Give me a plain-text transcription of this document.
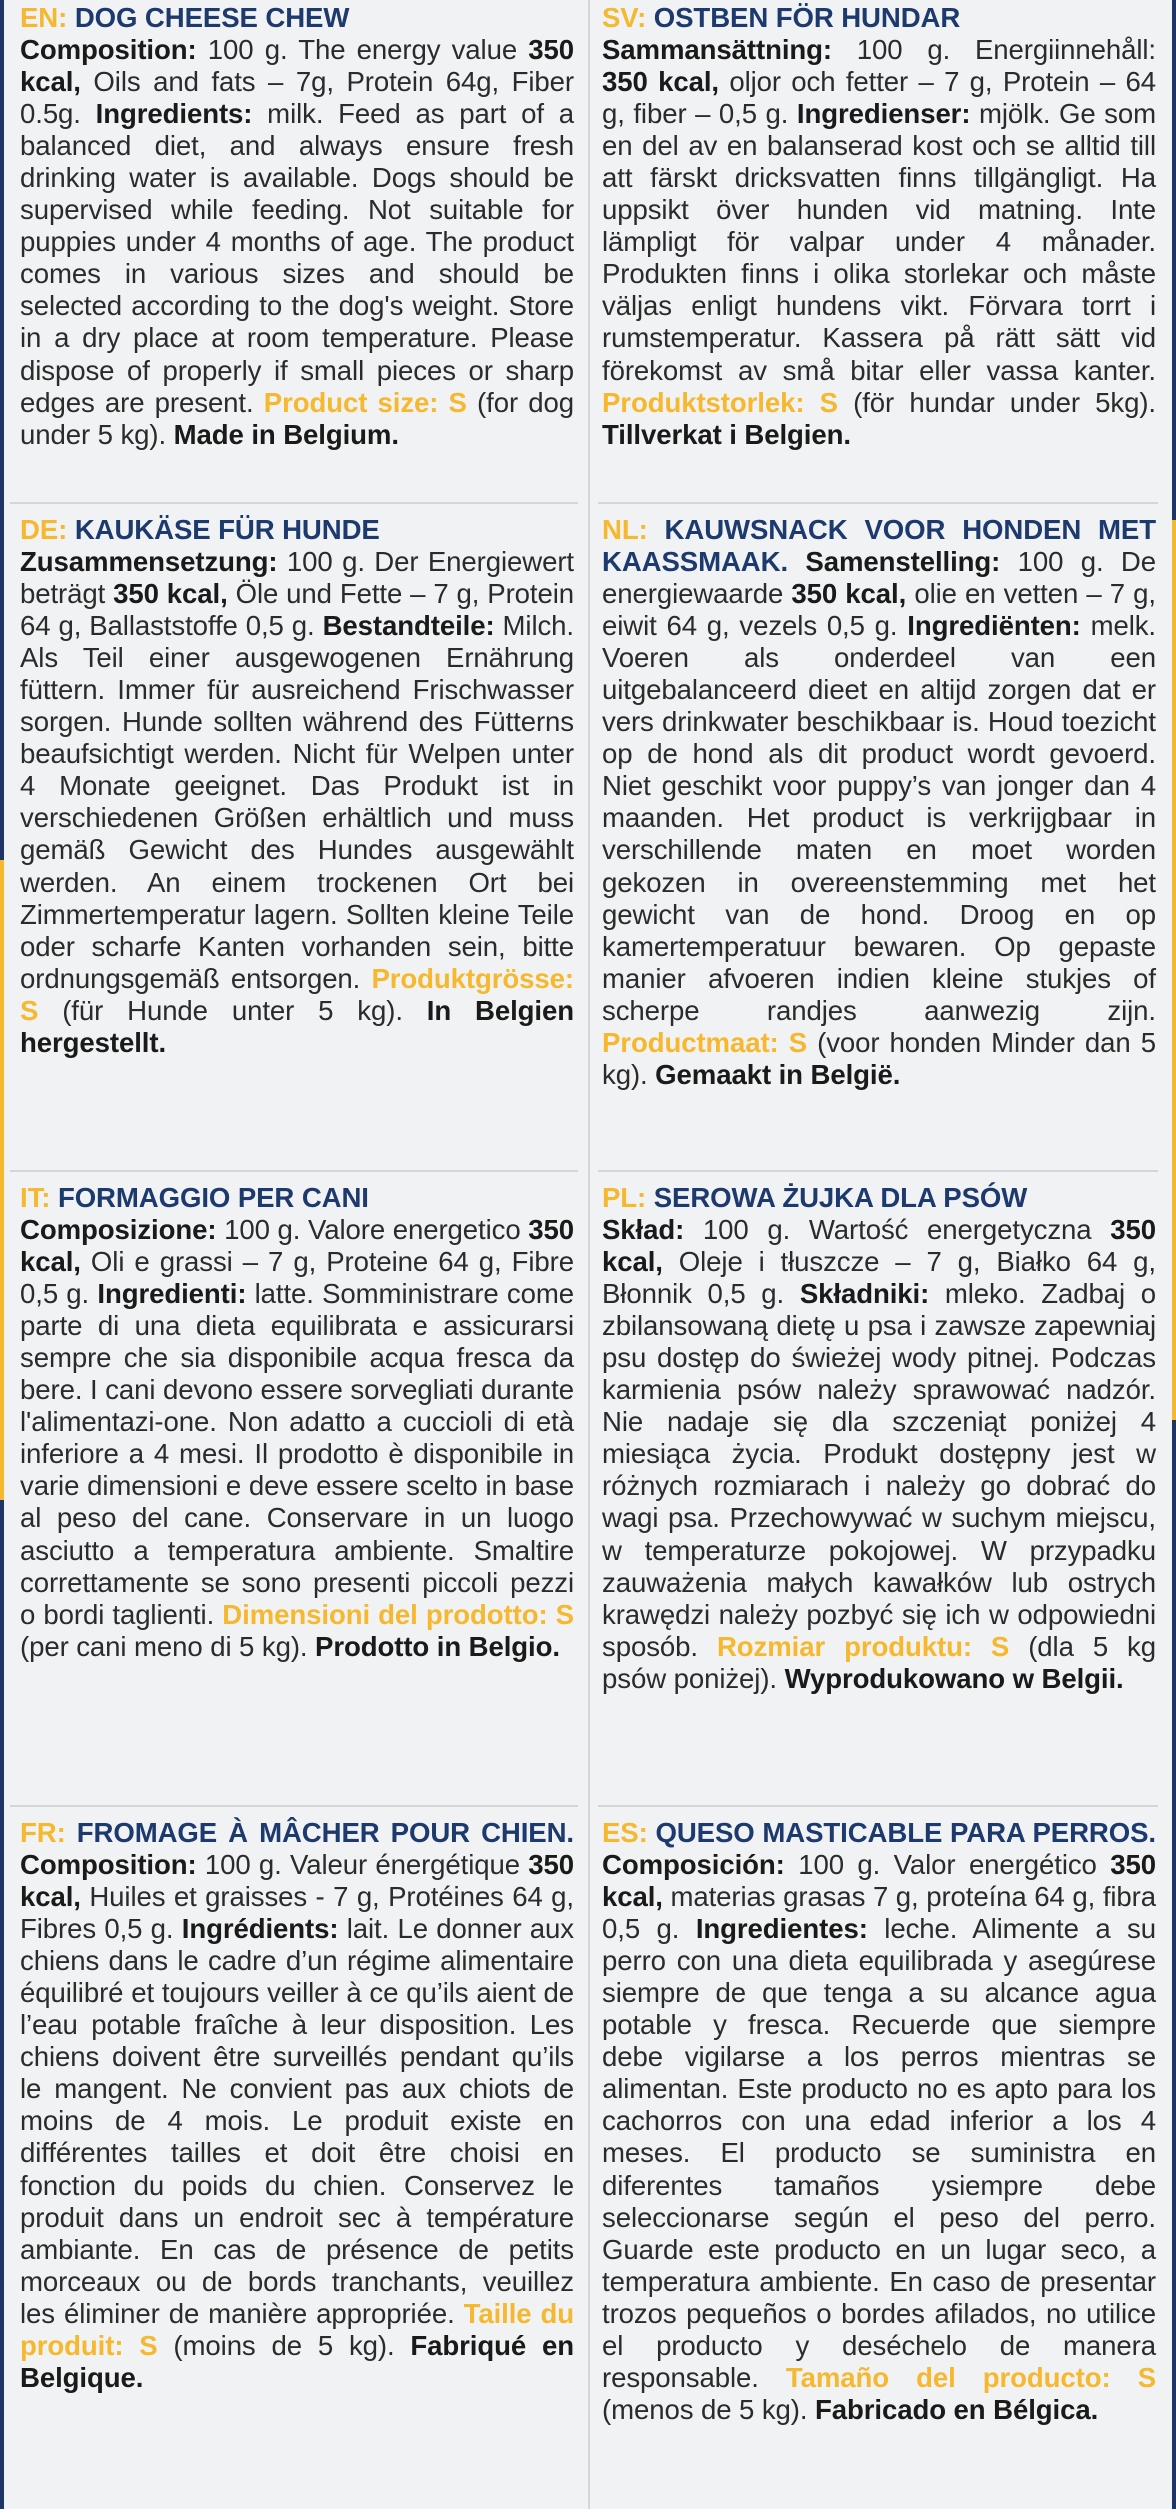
EN: DOG CHEESE CHEW
Composition: 100 g. The energy value 350 kcal, Oils and fats – 7g, Protein 64g, Fiber 0.5g. Ingredients: milk. Feed as part of a balanced diet, and always ensure fresh drinking water is available. Dogs should be supervised while feeding. Not suitable for puppies under 4 months of age. The product comes in various sizes and should be selected according to the dog's weight. Store in a dry place at room temperature. Please dispose of properly if small pieces or sharp edges are present. Product size: S (for dog under 5 kg). Made in Belgium.
SV: OSTBEN FÖR HUNDAR
Sammansättning: 100 g. Energiinnehåll: 350 kcal, oljor och fetter – 7 g, Protein – 64 g, fiber – 0,5 g. Ingredienser: mjölk. Ge som en del av en balanserad kost och se alltid till att färskt dricksvatten finns tillgängligt. Ha uppsikt över hunden vid matning. Inte lämpligt för valpar under 4 månader. Produkten finns i olika storlekar och måste väljas enligt hundens vikt. Förvara torrt i rumstemperatur. Kassera på rätt sätt vid förekomst av små bitar eller vassa kanter. Produktstorlek: S (för hundar under 5kg). Tillverkat i Belgien.
DE: KAUKÄSE FÜR HUNDE
Zusammensetzung: 100 g. Der Energiewert beträgt 350 kcal, Öle und Fette – 7 g, Protein 64 g, Ballaststoffe 0,5 g. Bestandteile: Milch. Als Teil einer ausgewogenen Ernährung füttern. Immer für ausreichend Frischwasser sorgen. Hunde sollten während des Fütterns beaufsichtigt werden. Nicht für Welpen unter 4 Monate geeignet. Das Produkt ist in verschiedenen Größen erhältlich und muss gemäß Gewicht des Hundes ausgewählt werden. An einem trockenen Ort bei Zimmertemperatur lagern. Sollten kleine Teile oder scharfe Kanten vorhanden sein, bitte ordnungsgemäß entsorgen. Produktgrösse: S (für Hunde unter 5 kg). In Belgien hergestellt.
NL: KAUWSNACK VOOR HONDEN MET KAASSMAAK. Samenstelling: 100 g. De energiewaarde 350 kcal, olie en vetten – 7 g, eiwit 64 g, vezels 0,5 g. Ingrediënten: melk. Voeren als onderdeel van een uitgebalanceerd dieet en altijd zorgen dat er vers drinkwater beschikbaar is. Houd toezicht op de hond als dit product wordt gevoerd. Niet geschikt voor puppy’s van jonger dan 4 maanden. Het product is verkrijgbaar in verschillende maten en moet worden gekozen in overeenstemming met het gewicht van de hond. Droog en op kamertemperatuur bewaren. Op gepaste manier afvoeren indien kleine stukjes of scherpe randjes aanwezig zijn. Productmaat: S (voor honden Minder dan 5 kg). Gemaakt in België.
IT: FORMAGGIO PER CANI
Composizione: 100 g. Valore energetico 350 kcal, Oli e grassi – 7 g, Proteine 64 g, Fibre 0,5 g. Ingredienti: latte. Somministrare come parte di una dieta equilibrata e assicurarsi sempre che sia disponibile acqua fresca da bere. I cani devono essere sorvegliati durante l'alimentazi-one. Non adatto a cuccioli di età inferiore a 4 mesi. Il prodotto è disponibile in varie dimensioni e deve essere scelto in base al peso del cane. Conservare in un luogo asciutto a temperatura ambiente. Smaltire correttamente se sono presenti piccoli pezzi o bordi taglienti. Dimensioni del prodotto: S (per cani meno di 5 kg). Prodotto in Belgio.
PL: SEROWA ŻUJKA DLA PSÓW
Skład: 100 g. Wartość energetyczna 350 kcal, Oleje i tłuszcze – 7 g, Białko 64 g, Błonnik 0,5 g. Składniki: mleko. Zadbaj o zbilansowaną dietę u psa i zawsze zapewniaj psu dostęp do świeżej wody pitnej. Podczas karmienia psów należy sprawować nadzór. Nie nadaje się dla szczeniąt poniżej 4 miesiąca życia. Produkt dostępny jest w różnych rozmiarach i należy go dobrać do wagi psa. Przechowywać w suchym miejscu, w temperaturze pokojowej. W przypadku zauważenia małych kawałków lub ostrych krawędzi należy pozbyć się ich w odpowiedni sposób. Rozmiar produktu: S (dla 5 kg psów poniżej). Wyprodukowano w Belgii.
FR: FROMAGE À MÂCHER POUR CHIEN. Composition: 100 g. Valeur énergétique 350 kcal, Huiles et graisses - 7 g, Protéines 64 g, Fibres 0,5 g. Ingrédients: lait. Le donner aux chiens dans le cadre d’un régime alimentaire équilibré et toujours veiller à ce qu’ils aient de l’eau potable fraîche à leur disposition. Les chiens doivent être surveillés pendant qu’ils le mangent. Ne convient pas aux chiots de moins de 4 mois. Le produit existe en différentes tailles et doit être choisi en fonction du poids du chien. Conservez le produit dans un endroit sec à température ambiante. En cas de présence de petits morceaux ou de bords tranchants, veuillez les éliminer de manière appropriée. Taille du produit: S (moins de 5 kg). Fabriqué en Belgique.
ES: QUESO MASTICABLE PARA PERROS. Composición: 100 g. Valor energético 350 kcal, materias grasas 7 g, proteína 64 g, fibra 0,5 g. Ingredientes: leche. Alimente a su perro con una dieta equilibrada y asegúrese siempre de que tenga a su alcance agua potable y fresca. Recuerde que siempre debe vigilarse a los perros mientras se alimentan. Este producto no es apto para los cachorros con una edad inferior a los 4 meses. El producto se suministra en diferentes tamaños ysiempre debe seleccionarse según el peso del perro. Guarde este producto en un lugar seco, a temperatura ambiente. En caso de presentar trozos pequeños o bordes afilados, no utilice el producto y deséchelo de manera responsable. Tamaño del producto: S (menos de 5 kg). Fabricado en Bélgica.
